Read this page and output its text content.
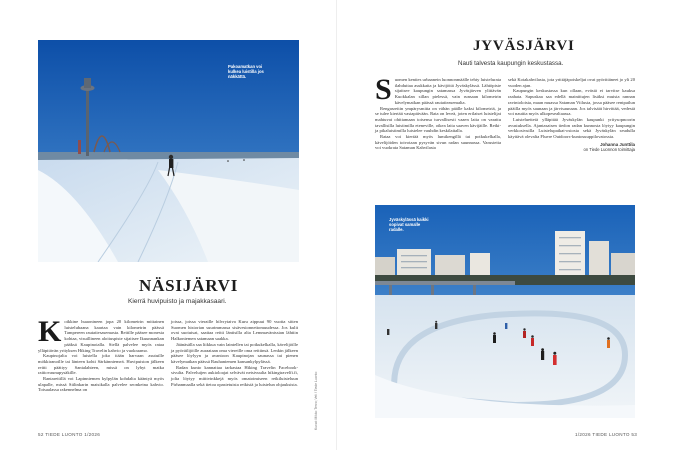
Pakoamatkan voi kulkea luistilla jos näkkättä.
NÄSIJÄRVI
Kierrä huvipuisto ja majakkasaari.

Koikkine huaonineen jopa 20 kilometrin mittainen luistelubaana kaartaa vain kilometrin päässä Tampereen rautatiesasemasta. Reitille pääsee monesta kohtaa, visuillineen aloituspiste sijaitsee Ikuunnankan pääksä Kaupinoialla. Siellä palvelee myös rataa ylläpitävän yrityksen Hiking Travelin kahvio ja vuokraamo.

Kaupinojalta voi luistella joko itään harvaan asutuille mökkiranoille tai länteen kohti Särkänniemeä. Huvipuiston jälkeen reitti päättyy Santalahteen, missä on lyhyt matka raitiovaunupysäkille.

Rantareitillä voi Lapinniemen kylpylän kohdalta kääntyä myös ulapalle, missä Siilinkarin maisikalla palvelee seonkeina kahvio. Toisaalassa rakennelma on

joissa, joissa vieraille hilvrytaiva Kuru aippuui 90 vuotta sitten Suomen historian suurimmassa sisävesionnettomuudessa. Jos kulit ovat suotuisat, saattaa reitti läntisilla alta Lemmavänissian lähtiin Halkoniemen satamaan saakka.

Jäänäsälla saa liikkua vain laintellen tai potkukelkalla, kävelijöille ja pyöräilijöille auraataan oma viereille oma reittinsä. Lenkin jälkeen pääsee löylyyn ja avantoon Kaupinojan saunassa tai pienen kävelymatkan päässä Rauhaniemen kansankylpylässä.

Radan kunto kannattaa tarkastaa Hiking Travelin Facebook-sivulta. Palveluijen aukioloajat selvävät netsivuulta hikingtravelfi.fi, jolta löytyy mitttvinkkejä myös omatoimiseen retkiluisteluun Pirhanmaalla sekä tietoa opastetuista retkistä ja luistelun ohjauksista.

52 TIEDE LUONTO 1/2026
Kuvat: Mikko Tervo; Veli / Tiede Luonto
JYVÄSJÄRVI
Nauti talvesta kaupungin keskustassa.

Suomen kenties urbaanein luonnonmäälle tehty luistelurata ilahduttaa asukkaita ja kävijöitä Jyväskylässä. Lähtöpiste sijaitsee kaupungin satamassa Jyväsjärven ylittävän Kuokkalan sillan pielessä, vain runsaan kilometrin kävelymatkan päässä rautatieasemalta.

Rengasreitin ympärysmitta on vähän päälle kaksi kilometriä, ja se tulee kiertää vastapäivään. Rata on leveä, joten erilaiset luistelijat mahtuvat ohittamaan toisensa turvallisesti vaaen laita on varattu tavallisilla luistimilla eteneville, oikea laita saaven kävijäille. Retki- ja pikaluistimilla luistelee vauhdin keskilaitalla.

Rataa voi kiertää myös lumikengillä tai potkukelkalla, kävelijöiden toivotaan pysyvän sivun radan suunnassa. Varusteita voi vuokrata Sataman Kahvilasta

sekä Kotakahvilasta, jota yrittäjäpoiskeljat ovat pyörittäneet jo yli 20 vuoden ajan.

Kaupungin keskustassa kun ollaan, evästä ei tarvitse kauksa raahata. Sapuskaa saa edellä mainittujen lisäksi muista rannan ravintoloista, maan muassa Sataman Viilusta, jossa pääsee rentpailun pääilla myös saunaan ja järvisaunaan. Jos talvisäät hirvittää, vedestä voi nauttia myös ulkopesealtaassa.

Luisteluettetä ylläpitää Jyväskylän kaupunki yritysopnoorin avustuksella. Ajantasaisen tiedon radan kunnosta löytyy kaupungin verkkosivuilla Luistelupaikat-osiosta sekä Jyväskylän seudulla käyttävä olevalta Fluere Outdoors-kuntosuuppilovatossta.

Johanna Junttila
on Tiede Luonnon toimittaja
Jyväskylässä kaikki sopivat samalle radalle.
1/2026 TIEDE LUONTO 53
